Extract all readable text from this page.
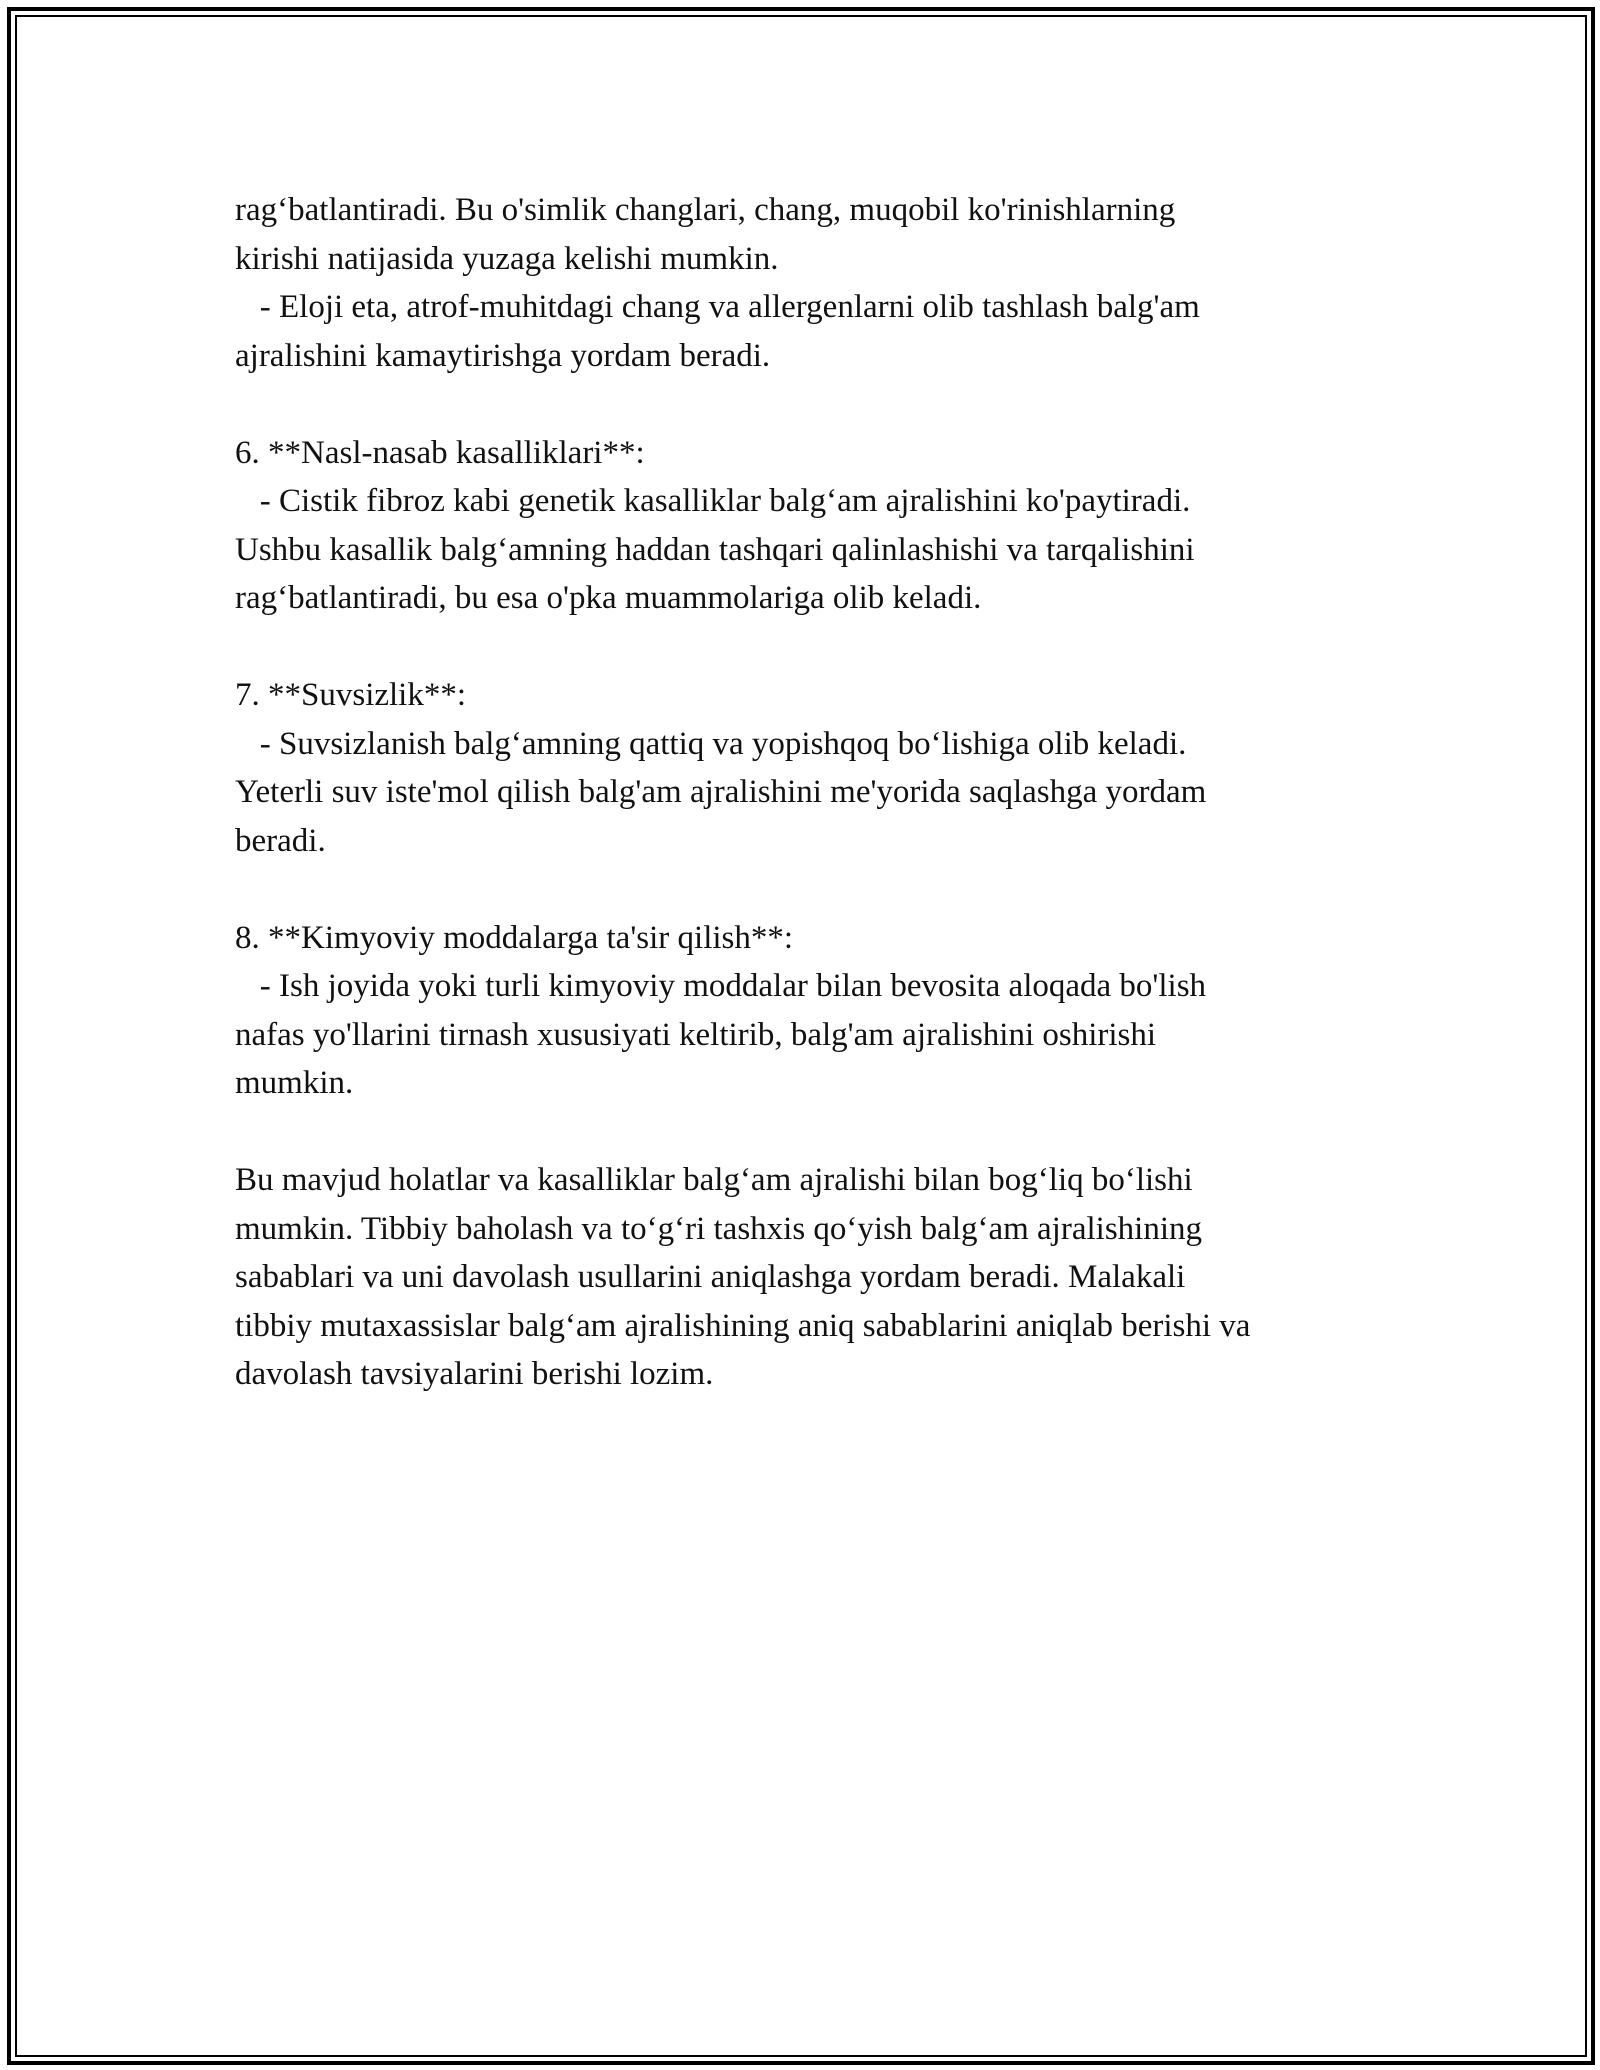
rag‘batlantiradi. Bu o'simlik changlari, chang, muqobil ko'rinishlarning
kirishi natijasida yuzaga kelishi mumkin.
- Eloji eta, atrof-muhitdagi chang va allergenlarni olib tashlash balg'am
ajralishini kamaytirishga yordam beradi.
6. **Nasl-nasab kasalliklari**:
- Cistik fibroz kabi genetik kasalliklar balg‘am ajralishini ko'paytiradi.
Ushbu kasallik balg‘amning haddan tashqari qalinlashishi va tarqalishini
rag‘batlantiradi, bu esa o'pka muammolariga olib keladi.
7. **Suvsizlik**:
- Suvsizlanish balg‘amning qattiq va yopishqoq bo‘lishiga olib keladi.
Yeterli suv iste'mol qilish balg'am ajralishini me'yorida saqlashga yordam
beradi.
8. **Kimyoviy moddalarga ta'sir qilish**:
- Ish joyida yoki turli kimyoviy moddalar bilan bevosita aloqada bo'lish
nafas yo'llarini tirnash xususiyati keltirib, balg'am ajralishini oshirishi
mumkin.
Bu mavjud holatlar va kasalliklar balg‘am ajralishi bilan bog‘liq bo‘lishi
mumkin. Tibbiy baholash va to‘g‘ri tashxis qo‘yish balg‘am ajralishining
sabablari va uni davolash usullarini aniqlashga yordam beradi. Malakali
tibbiy mutaxassislar balg‘am ajralishining aniq sabablarini aniqlab berishi va
davolash tavsiyalarini berishi lozim.
